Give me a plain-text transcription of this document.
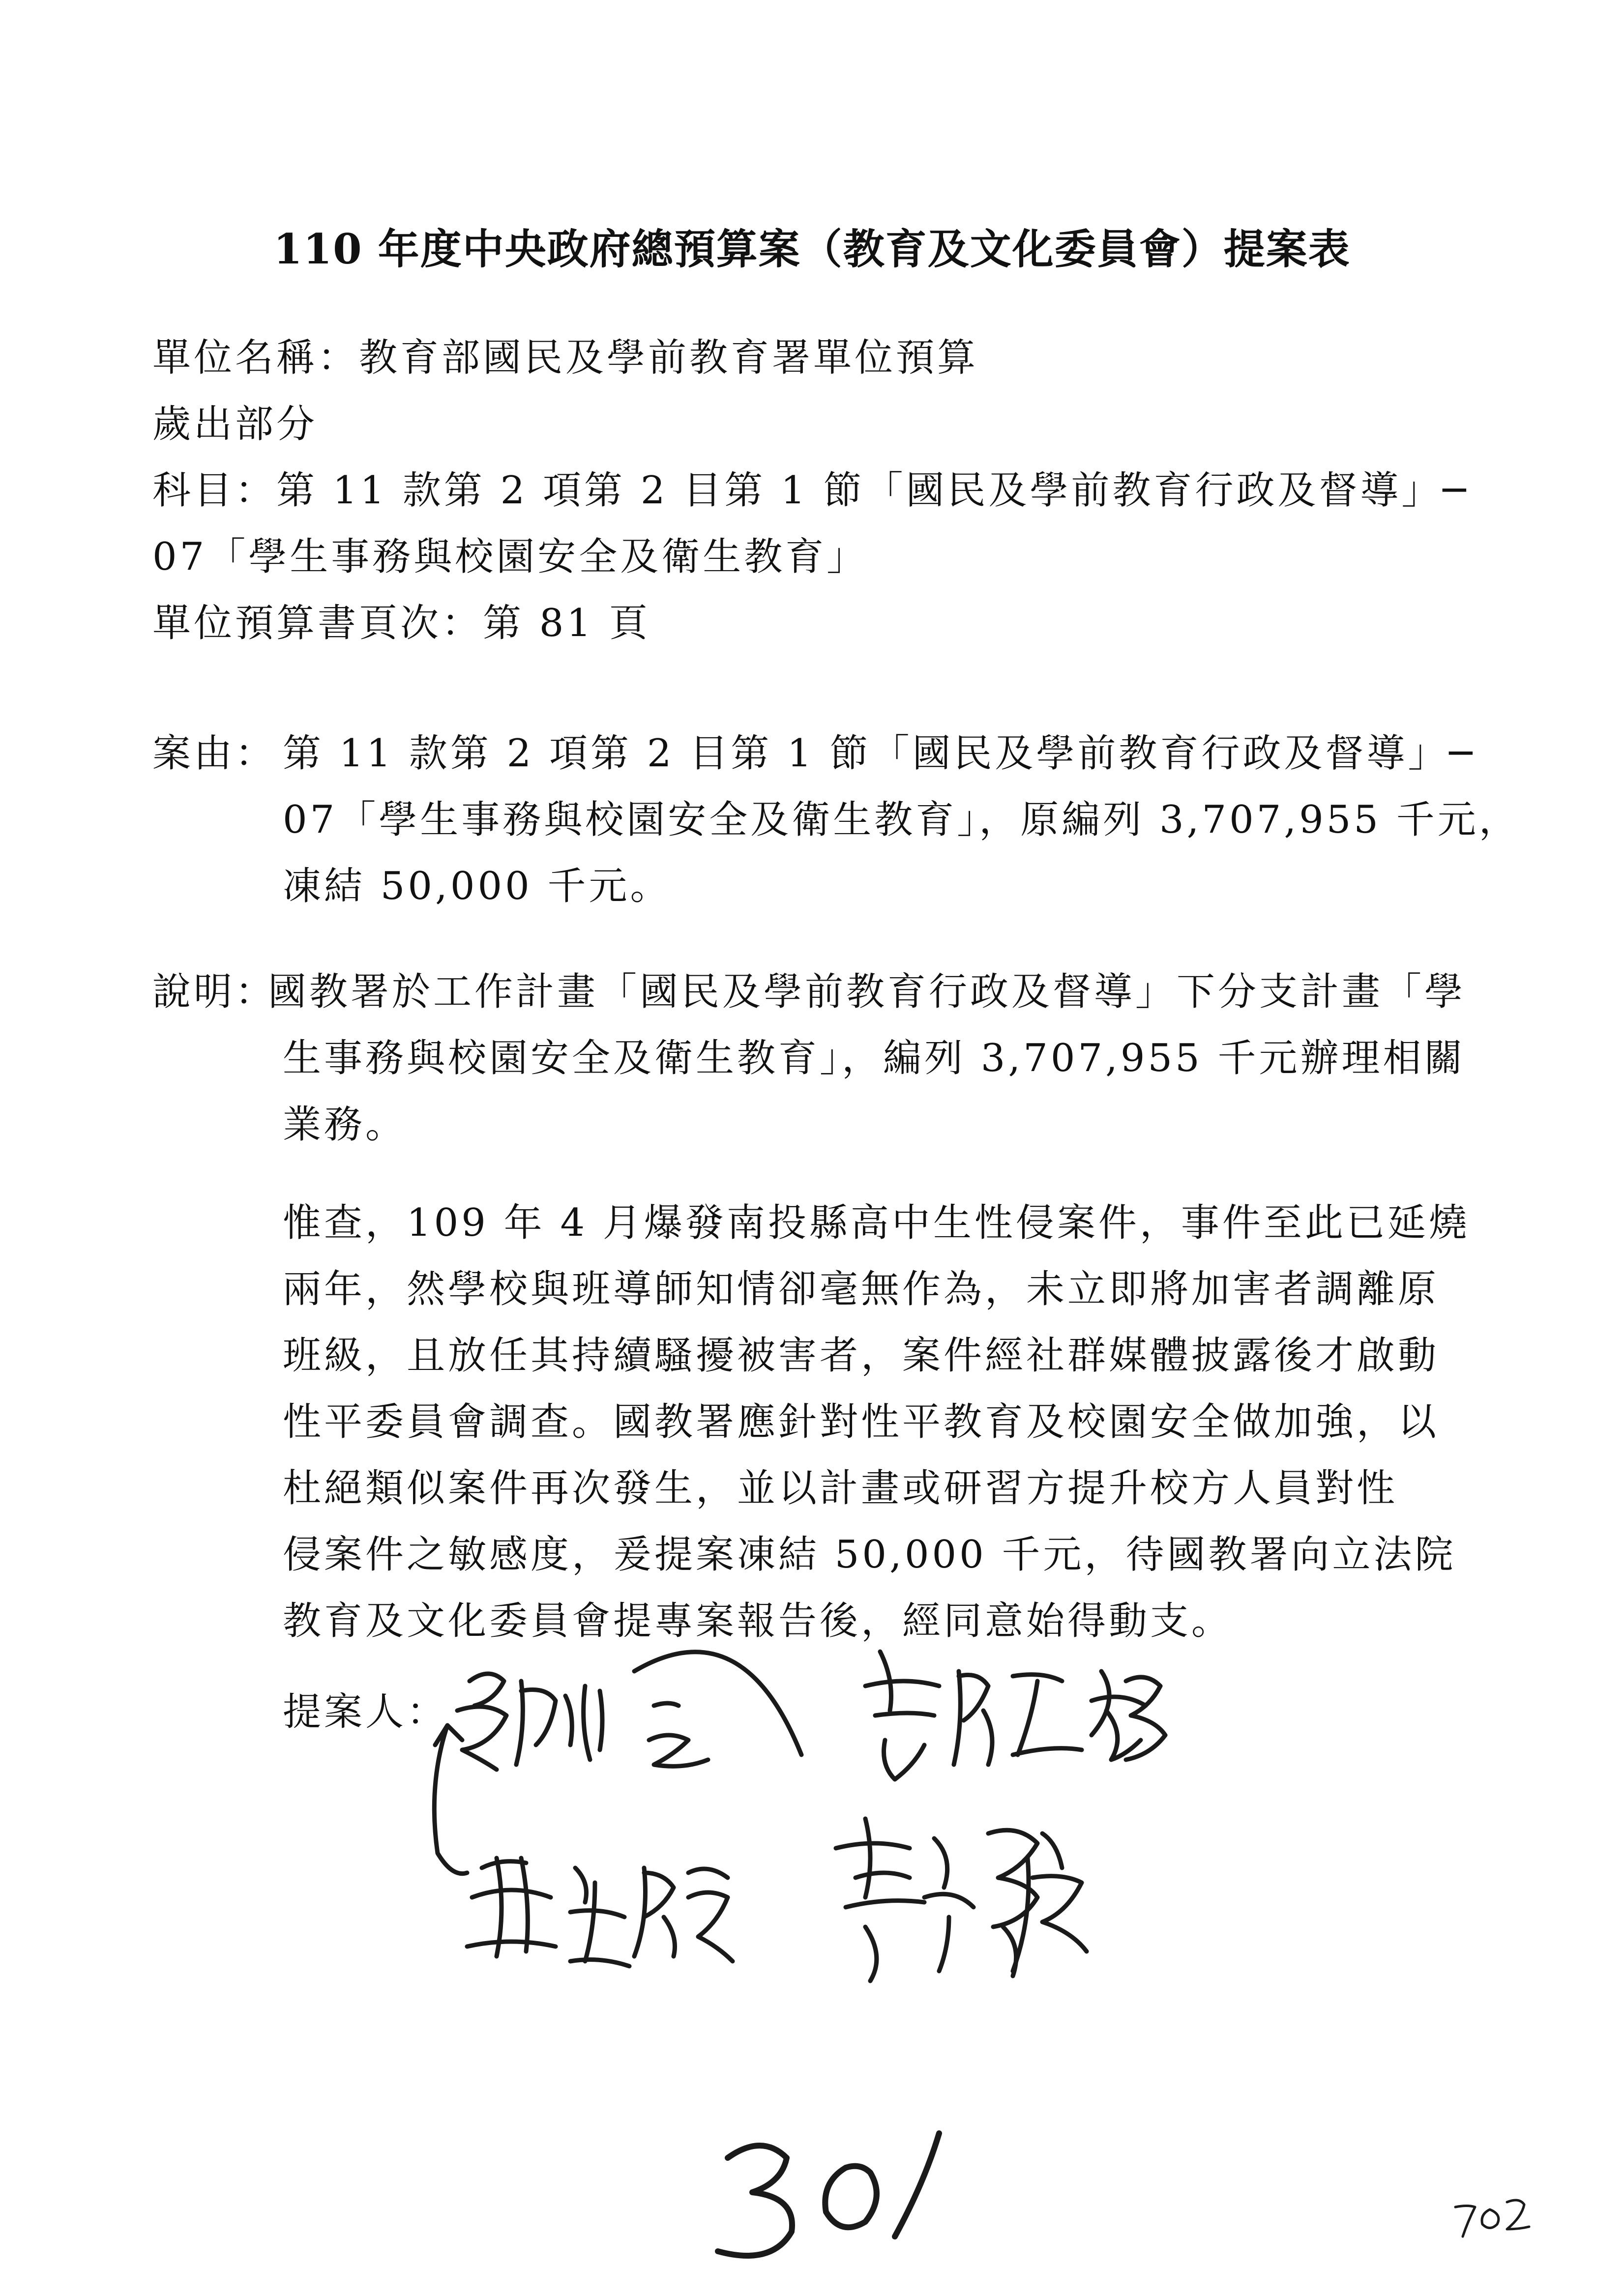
110 年度中央政府總預算案（教育及文化委員會）提案表
單位名稱：教育部國民及學前教育署單位預算
歲出部分
科目：第 11 款第 2 項第 2 目第 1 節「國民及學前教育行政及督導」─
07「學生事務與校園安全及衛生教育」
單位預算書頁次：第 81 頁
案由： 第 11 款第 2 項第 2 目第 1 節「國民及學前教育行政及督導」─
07「學生事務與校園安全及衛生教育」，原編列 3,707,955 千元，
凍結 50,000 千元。
說明：
國教署於工作計畫「國民及學前教育行政及督導」下分支計畫「學
生事務與校園安全及衛生教育」，編列 3,707,955 千元辦理相關
業務。
惟查，109 年 4 月爆發南投縣高中生性侵案件，事件至此已延燒
兩年，然學校與班導師知情卻毫無作為，未立即將加害者調離原
班級，且放任其持續騷擾被害者，案件經社群媒體披露後才啟動
性平委員會調查。國教署應針對性平教育及校園安全做加強，以
杜絕類似案件再次發生，並以計畫或研習方提升校方人員對性
侵案件之敏感度，爰提案凍結 50,000 千元，待國教署向立法院
教育及文化委員會提專案報告後，經同意始得動支。
提案人：
